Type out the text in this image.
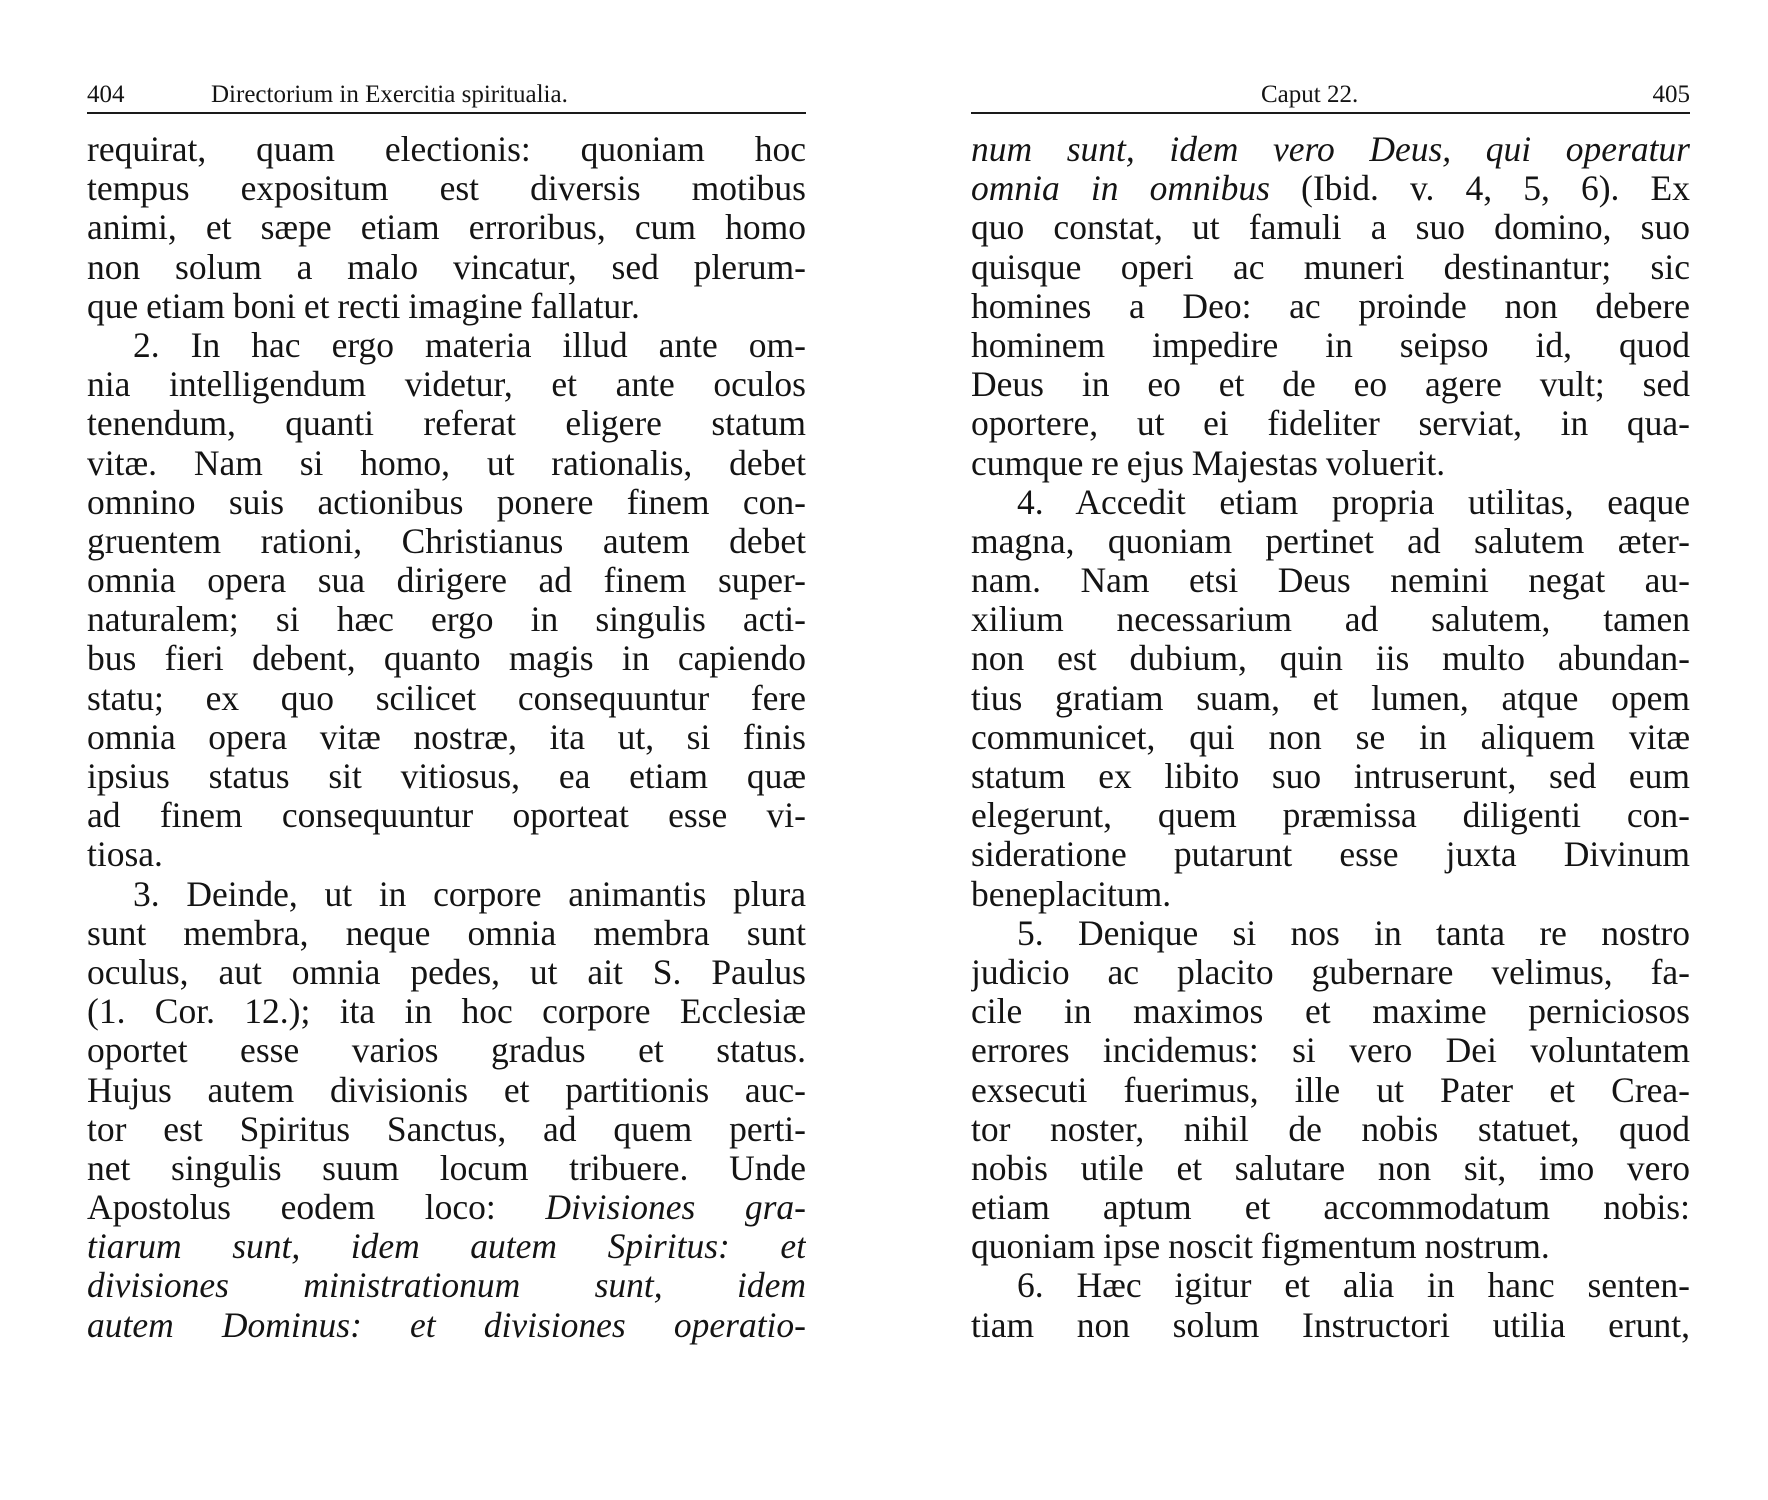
404	Directorium in Exercitia spiritualia.
requirat, quam electionis: quoniam hoc
tempus expositum est diversis motibus
animi, et sæpe etiam erroribus, cum homo
non solum a malo vincatur, sed plerum-
que etiam boni et recti imagine fallatur.
2. In hac ergo materia illud ante om-
nia intelligendum videtur, et ante oculos
tenendum, quanti referat eligere statum
vitæ. Nam si homo, ut rationalis, debet
omnino suis actionibus ponere finem con-
gruentem rationi, Christianus autem debet
omnia opera sua dirigere ad finem super-
naturalem; si hæc ergo in singulis acti-
bus fieri debent, quanto magis in capiendo
statu; ex quo scilicet consequuntur fere
omnia opera vitæ nostræ, ita ut, si finis
ipsius status sit vitiosus, ea etiam quæ
ad finem consequuntur oporteat esse vi-
tiosa.
3. Deinde, ut in corpore animantis plura
sunt membra, neque omnia membra sunt
oculus, aut omnia pedes, ut ait S. Paulus
(1. Cor. 12.); ita in hoc corpore Ecclesiæ
oportet esse varios gradus et status.
Hujus autem divisionis et partitionis auc-
tor est Spiritus Sanctus, ad quem perti-
net singulis suum locum tribuere. Unde
Apostolus eodem loco: Divisiones gra-
tiarum sunt, idem autem Spiritus: et
divisiones ministrationum sunt, idem
autem Dominus: et divisiones operatio-
Caput 22.	405
num sunt, idem vero Deus, qui operatur
omnia in omnibus (Ibid. v. 4, 5, 6). Ex
quo constat, ut famuli a suo domino, suo
quisque operi ac muneri destinantur; sic
homines a Deo: ac proinde non debere
hominem impedire in seipso id, quod
Deus in eo et de eo agere vult; sed
oportere, ut ei fideliter serviat, in qua-
cumque re ejus Majestas voluerit.
4. Accedit etiam propria utilitas, eaque
magna, quoniam pertinet ad salutem æter-
nam. Nam etsi Deus nemini negat au-
xilium necessarium ad salutem, tamen
non est dubium, quin iis multo abundan-
tius gratiam suam, et lumen, atque opem
communicet, qui non se in aliquem vitæ
statum ex libito suo intruserunt, sed eum
elegerunt, quem præmissa diligenti con-
sideratione putarunt esse juxta Divinum
beneplacitum.
5. Denique si nos in tanta re nostro
judicio ac placito gubernare velimus, fa-
cile in maximos et maxime perniciosos
errores incidemus: si vero Dei voluntatem
exsecuti fuerimus, ille ut Pater et Crea-
tor noster, nihil de nobis statuet, quod
nobis utile et salutare non sit, imo vero
etiam aptum et accommodatum nobis:
quoniam ipse noscit figmentum nostrum.
6. Hæc igitur et alia in hanc senten-
tiam non solum Instructori utilia erunt,
